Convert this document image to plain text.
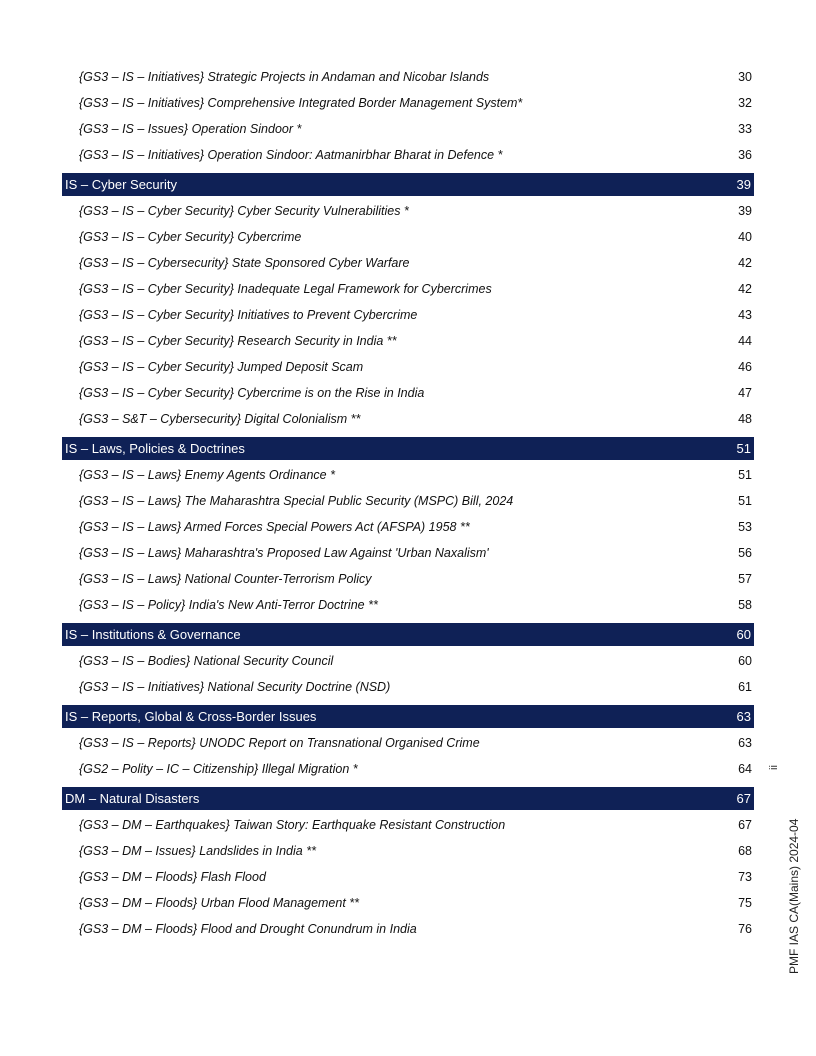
{GS3 – IS – Initiatives} Strategic Projects in Andaman and Nicobar Islands	30
{GS3 – IS – Initiatives} Comprehensive Integrated Border Management System*	32
{GS3 – IS – Issues} Operation Sindoor *	33
{GS3 – IS – Initiatives} Operation Sindoor: Aatmanirbhar Bharat in Defence *	36
IS – Cyber Security	39
{GS3 – IS – Cyber Security} Cyber Security Vulnerabilities *	39
{GS3 – IS – Cyber Security} Cybercrime	40
{GS3 – IS – Cybersecurity} State Sponsored Cyber Warfare	42
{GS3 – IS – Cyber Security} Inadequate Legal Framework for Cybercrimes	42
{GS3 – IS – Cyber Security} Initiatives to Prevent Cybercrime	43
{GS3 – IS – Cyber Security} Research Security in India **	44
{GS3 – IS – Cyber Security} Jumped Deposit Scam	46
{GS3 – IS – Cyber Security} Cybercrime is on the Rise in India	47
{GS3 – S&T – Cybersecurity} Digital Colonialism **	48
IS – Laws, Policies & Doctrines	51
{GS3 – IS – Laws} Enemy Agents Ordinance *	51
{GS3 – IS – Laws} The Maharashtra Special Public Security (MSPC) Bill, 2024	51
{GS3 – IS – Laws} Armed Forces Special Powers Act (AFSPA) 1958 **	53
{GS3 – IS – Laws} Maharashtra's Proposed Law Against 'Urban Naxalism'	56
{GS3 – IS – Laws} National Counter-Terrorism Policy	57
{GS3 – IS – Policy} India's New Anti-Terror Doctrine **	58
IS – Institutions & Governance	60
{GS3 – IS – Bodies} National Security Council	60
{GS3 – IS – Initiatives} National Security Doctrine (NSD)	61
IS – Reports, Global & Cross-Border Issues	63
{GS3 – IS – Reports} UNODC Report on Transnational Organised Crime	63
{GS2 – Polity – IC – Citizenship} Illegal Migration *	64
DM – Natural Disasters	67
{GS3 – DM – Earthquakes} Taiwan Story: Earthquake Resistant Construction	67
{GS3 – DM – Issues} Landslides in India **	68
{GS3 – DM – Floods} Flash Flood	73
{GS3 – DM – Floods} Urban Flood Management **	75
{GS3 – DM – Floods} Flood and Drought Conundrum in India	76
ii
PMF IAS CA(Mains) 2024-04
